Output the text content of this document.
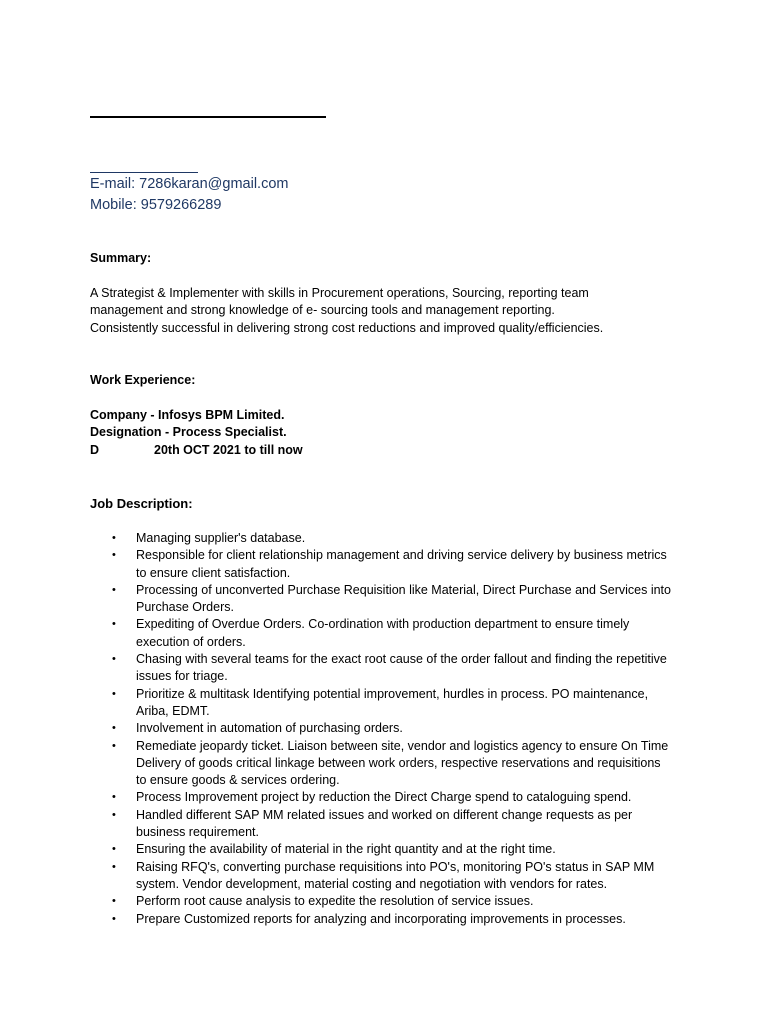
E-mail: 7286karan@gmail.com
Mobile: 9579266289
Summary:
A Strategist & Implementer with skills in Procurement operations, Sourcing, reporting team
management and strong knowledge of e- sourcing tools and management reporting.
Consistently successful in delivering strong cost reductions and improved quality/efficiencies.
Work Experience:
Company - Infosys BPM Limited.
Designation - Process Specialist.
D	20th OCT 2021 to till now
Job Description:
• Managing supplier's database.
• Responsible for client relationship management and driving service delivery by business metrics
to ensure client satisfaction.
• Processing of unconverted Purchase Requisition like Material, Direct Purchase and Services into
Purchase Orders.
• Expediting of Overdue Orders. Co-ordination with production department to ensure timely
execution of orders.
• Chasing with several teams for the exact root cause of the order fallout and finding the repetitive
issues for triage.
• Prioritize & multitask Identifying potential improvement, hurdles in process. PO maintenance,
Ariba, EDMT.
• Involvement in automation of purchasing orders.
• Remediate jeopardy ticket. Liaison between site, vendor and logistics agency to ensure On Time
Delivery of goods critical linkage between work orders, respective reservations and requisitions
to ensure goods & services ordering.
• Process Improvement project by reduction the Direct Charge spend to cataloguing spend.
• Handled different SAP MM related issues and worked on different change requests as per
business requirement.
• Ensuring the availability of material in the right quantity and at the right time.
• Raising RFQ's, converting purchase requisitions into PO's, monitoring PO's status in SAP MM
system. Vendor development, material costing and negotiation with vendors for rates.
• Perform root cause analysis to expedite the resolution of service issues.
• Prepare Customized reports for analyzing and incorporating improvements in processes.
